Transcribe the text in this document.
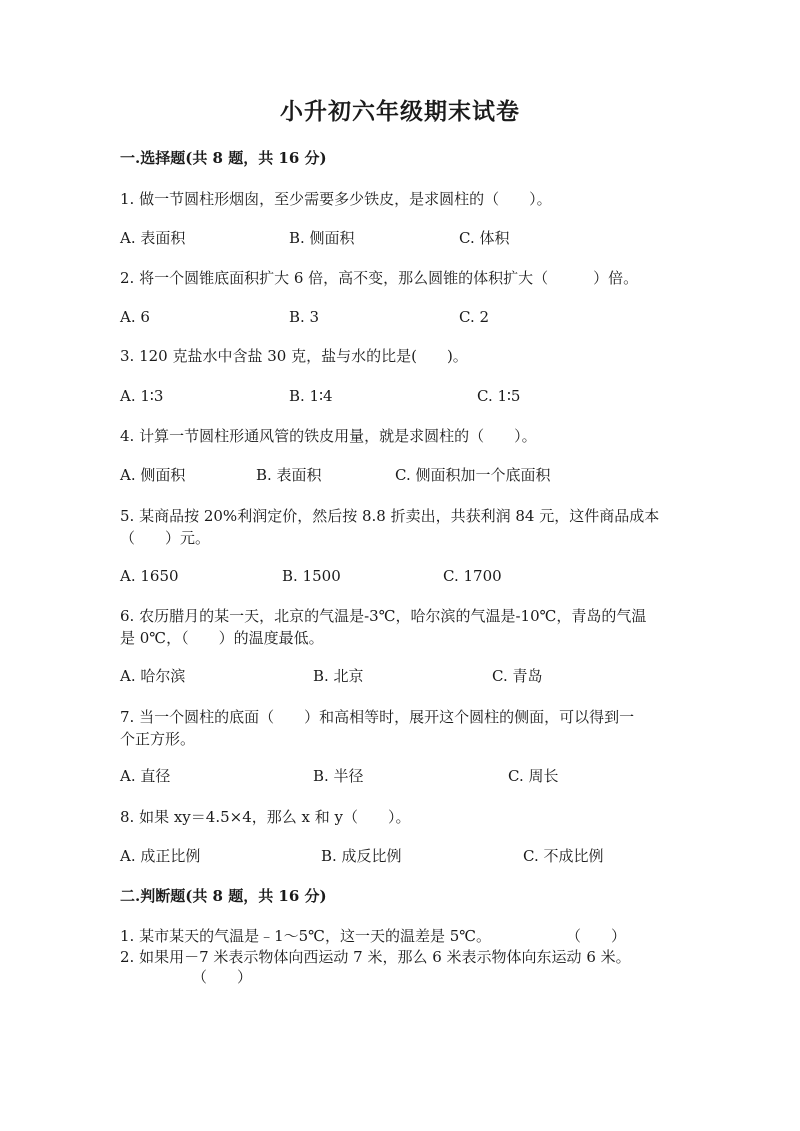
小升初六年级期末试卷
一.选择题(共 8 题，共 16 分)
1. 做一节圆柱形烟囱，至少需要多少铁皮，是求圆柱的（　　）。
A. 表面积	B. 侧面积	C. 体积
2. 将一个圆锥底面积扩大 6 倍，高不变，那么圆锥的体积扩大（　　　）倍。
A. 6	B. 3	C. 2
3. 120 克盐水中含盐 30 克，盐与水的比是(　　)。
A. 1∶3	B. 1∶4	C. 1∶5
4. 计算一节圆柱形通风管的铁皮用量，就是求圆柱的（　　）。
A. 侧面积	B. 表面积	C. 侧面积加一个底面积
5. 某商品按 20%利润定价，然后按 8.8 折卖出，共获利润 84 元，这件商品成本
（　　）元。
A. 1650	B. 1500	C. 1700
6. 农历腊月的某一天，北京的气温是-3℃，哈尔滨的气温是-10℃，青岛的气温
是 0℃，（　　）的温度最低。
A. 哈尔滨	B. 北京	C. 青岛
7. 当一个圆柱的底面（　　）和高相等时，展开这个圆柱的侧面，可以得到一
个正方形。
A. 直径	B. 半径	C. 周长
8. 如果 xy＝4.5×4，那么 x 和 y（　　）。
A. 成正比例	B. 成反比例	C. 不成比例
二.判断题(共 8 题，共 16 分)
1. 某市某天的气温是﹣1～5℃，这一天的温差是 5℃。	（　　）
2. 如果用－7 米表示物体向西运动 7 米，那么 6 米表示物体向东运动 6 米。
（　　）
